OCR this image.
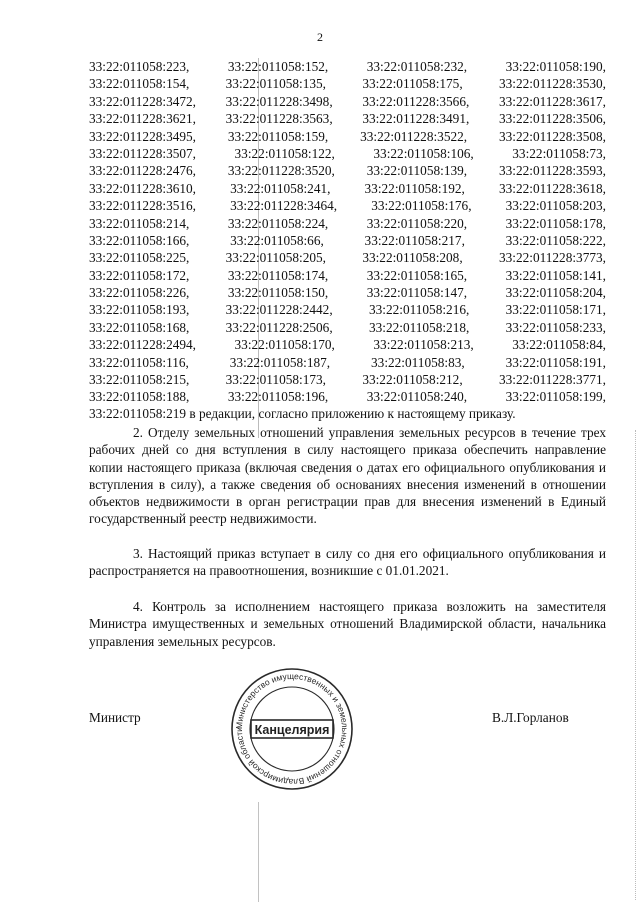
2
33:22:011058:223,	33:22:011058:152,	33:22:011058:232,	33:22:011058:190,
33:22:011058:154,	33:22:011058:135,	33:22:011058:175,	33:22:011228:3530,
33:22:011228:3472, 33:22:011228:3498, 33:22:011228:3566, 33:22:011228:3617,
33:22:011228:3621, 33:22:011228:3563, 33:22:011228:3491, 33:22:011228:3506,
33:22:011228:3495, 33:22:011058:159, 33:22:011228:3522, 33:22:011228:3508,
33:22:011228:3507,	33:22:011058:122,	33:22:011058:106,	33:22:011058:73,
33:22:011228:2476, 33:22:011228:3520, 33:22:011058:139, 33:22:011228:3593,
33:22:011228:3610,	33:22:011058:241,	33:22:011058:192,	33:22:011228:3618,
33:22:011228:3516,	33:22:011228:3464,	33:22:011058:176,	33:22:011058:203,
33:22:011058:214,	33:22:011058:224,	33:22:011058:220,	33:22:011058:178,
33:22:011058:166,	33:22:011058:66,	33:22:011058:217,	33:22:011058:222,
33:22:011058:225,	33:22:011058:205,	33:22:011058:208,	33:22:011228:3773,
33:22:011058:172,	33:22:011058:174,	33:22:011058:165,	33:22:011058:141,
33:22:011058:226,	33:22:011058:150,	33:22:011058:147,	33:22:011058:204,
33:22:011058:193,	33:22:011228:2442,	33:22:011058:216,	33:22:011058:171,
33:22:011058:168,	33:22:011228:2506,	33:22:011058:218,	33:22:011058:233,
33:22:011228:2494,	33:22:011058:170,	33:22:011058:213,	33:22:011058:84,
33:22:011058:116,	33:22:011058:187,	33:22:011058:83,	33:22:011058:191,
33:22:011058:215,	33:22:011058:173,	33:22:011058:212,	33:22:011228:3771,
33:22:011058:188,	33:22:011058:196,	33:22:011058:240,	33:22:011058:199,
33:22:011058:219 в редакции, согласно приложению к настоящему приказу.

2. Отделу земельных отношений управления земельных ресурсов в течение трех рабочих дней со дня вступления в силу настоящего приказа обеспечить направление копии настоящего приказа (включая сведения о датах его официального опубликования и вступления в силу), а также сведения об основаниях внесения изменений в отношении объектов недвижимости в орган регистрации прав для внесения изменений в Единый государственный реестр недвижимости.

3. Настоящий приказ вступает в силу со дня его официального опубликования и распространяется на правоотношения, возникшие с 01.01.2021.

4. Контроль за исполнением настоящего приказа возложить на заместителя Министра имущественных и земельных отношений Владимирской области, начальника управления земельных ресурсов.

Министр	В.Л.Горланов
Министерство имущественных и земельных отношений Владимирской области Канцелярия
